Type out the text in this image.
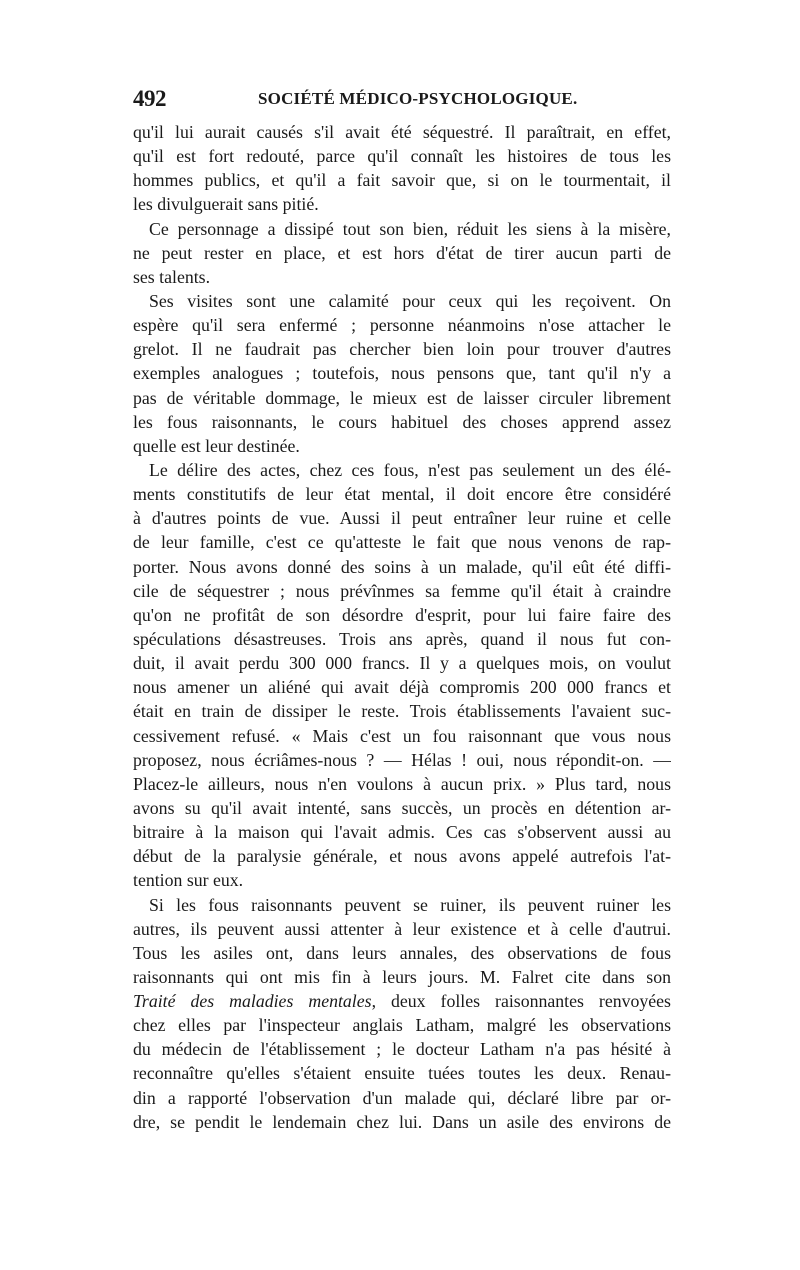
492	SOCIÉTÉ MÉDICO-PSYCHOLOGIQUE.
qu'il lui aurait causés s'il avait été séquestré. Il paraîtrait, en effet,
qu'il est fort redouté, parce qu'il connaît les histoires de tous les
hommes publics, et qu'il a fait savoir que, si on le tourmentait, il
les divulguerait sans pitié.
Ce personnage a dissipé tout son bien, réduit les siens à la misère,
ne peut rester en place, et est hors d'état de tirer aucun parti de
ses talents.
Ses visites sont une calamité pour ceux qui les reçoivent. On
espère qu'il sera enfermé ; personne néanmoins n'ose attacher le
grelot. Il ne faudrait pas chercher bien loin pour trouver d'autres
exemples analogues ; toutefois, nous pensons que, tant qu'il n'y a
pas de véritable dommage, le mieux est de laisser circuler librement
les fous raisonnants, le cours habituel des choses apprend assez
quelle est leur destinée.
Le délire des actes, chez ces fous, n'est pas seulement un des élé-
ments constitutifs de leur état mental, il doit encore être considéré
à d'autres points de vue. Aussi il peut entraîner leur ruine et celle
de leur famille, c'est ce qu'atteste le fait que nous venons de rap-
porter. Nous avons donné des soins à un malade, qu'il eût été diffi-
cile de séquestrer ; nous prévînmes sa femme qu'il était à craindre
qu'on ne profitât de son désordre d'esprit, pour lui faire faire des
spéculations désastreuses. Trois ans après, quand il nous fut con-
duit, il avait perdu 300 000 francs. Il y a quelques mois, on voulut
nous amener un aliéné qui avait déjà compromis 200 000 francs et
était en train de dissiper le reste. Trois établissements l'avaient suc-
cessivement refusé. « Mais c'est un fou raisonnant que vous nous
proposez, nous écriâmes-nous ? — Hélas ! oui, nous répondit-on. —
Placez-le ailleurs, nous n'en voulons à aucun prix. » Plus tard, nous
avons su qu'il avait intenté, sans succès, un procès en détention ar-
bitraire à la maison qui l'avait admis. Ces cas s'observent aussi au
début de la paralysie générale, et nous avons appelé autrefois l'at-
tention sur eux.
Si les fous raisonnants peuvent se ruiner, ils peuvent ruiner les
autres, ils peuvent aussi attenter à leur existence et à celle d'autrui.
Tous les asiles ont, dans leurs annales, des observations de fous
raisonnants qui ont mis fin à leurs jours. M. Falret cite dans son
Traité des maladies mentales, deux folles raisonnantes renvoyées
chez elles par l'inspecteur anglais Latham, malgré les observations
du médecin de l'établissement ; le docteur Latham n'a pas hésité à
reconnaître qu'elles s'étaient ensuite tuées toutes les deux. Renau-
din a rapporté l'observation d'un malade qui, déclaré libre par or-
dre, se pendit le lendemain chez lui. Dans un asile des environs de
